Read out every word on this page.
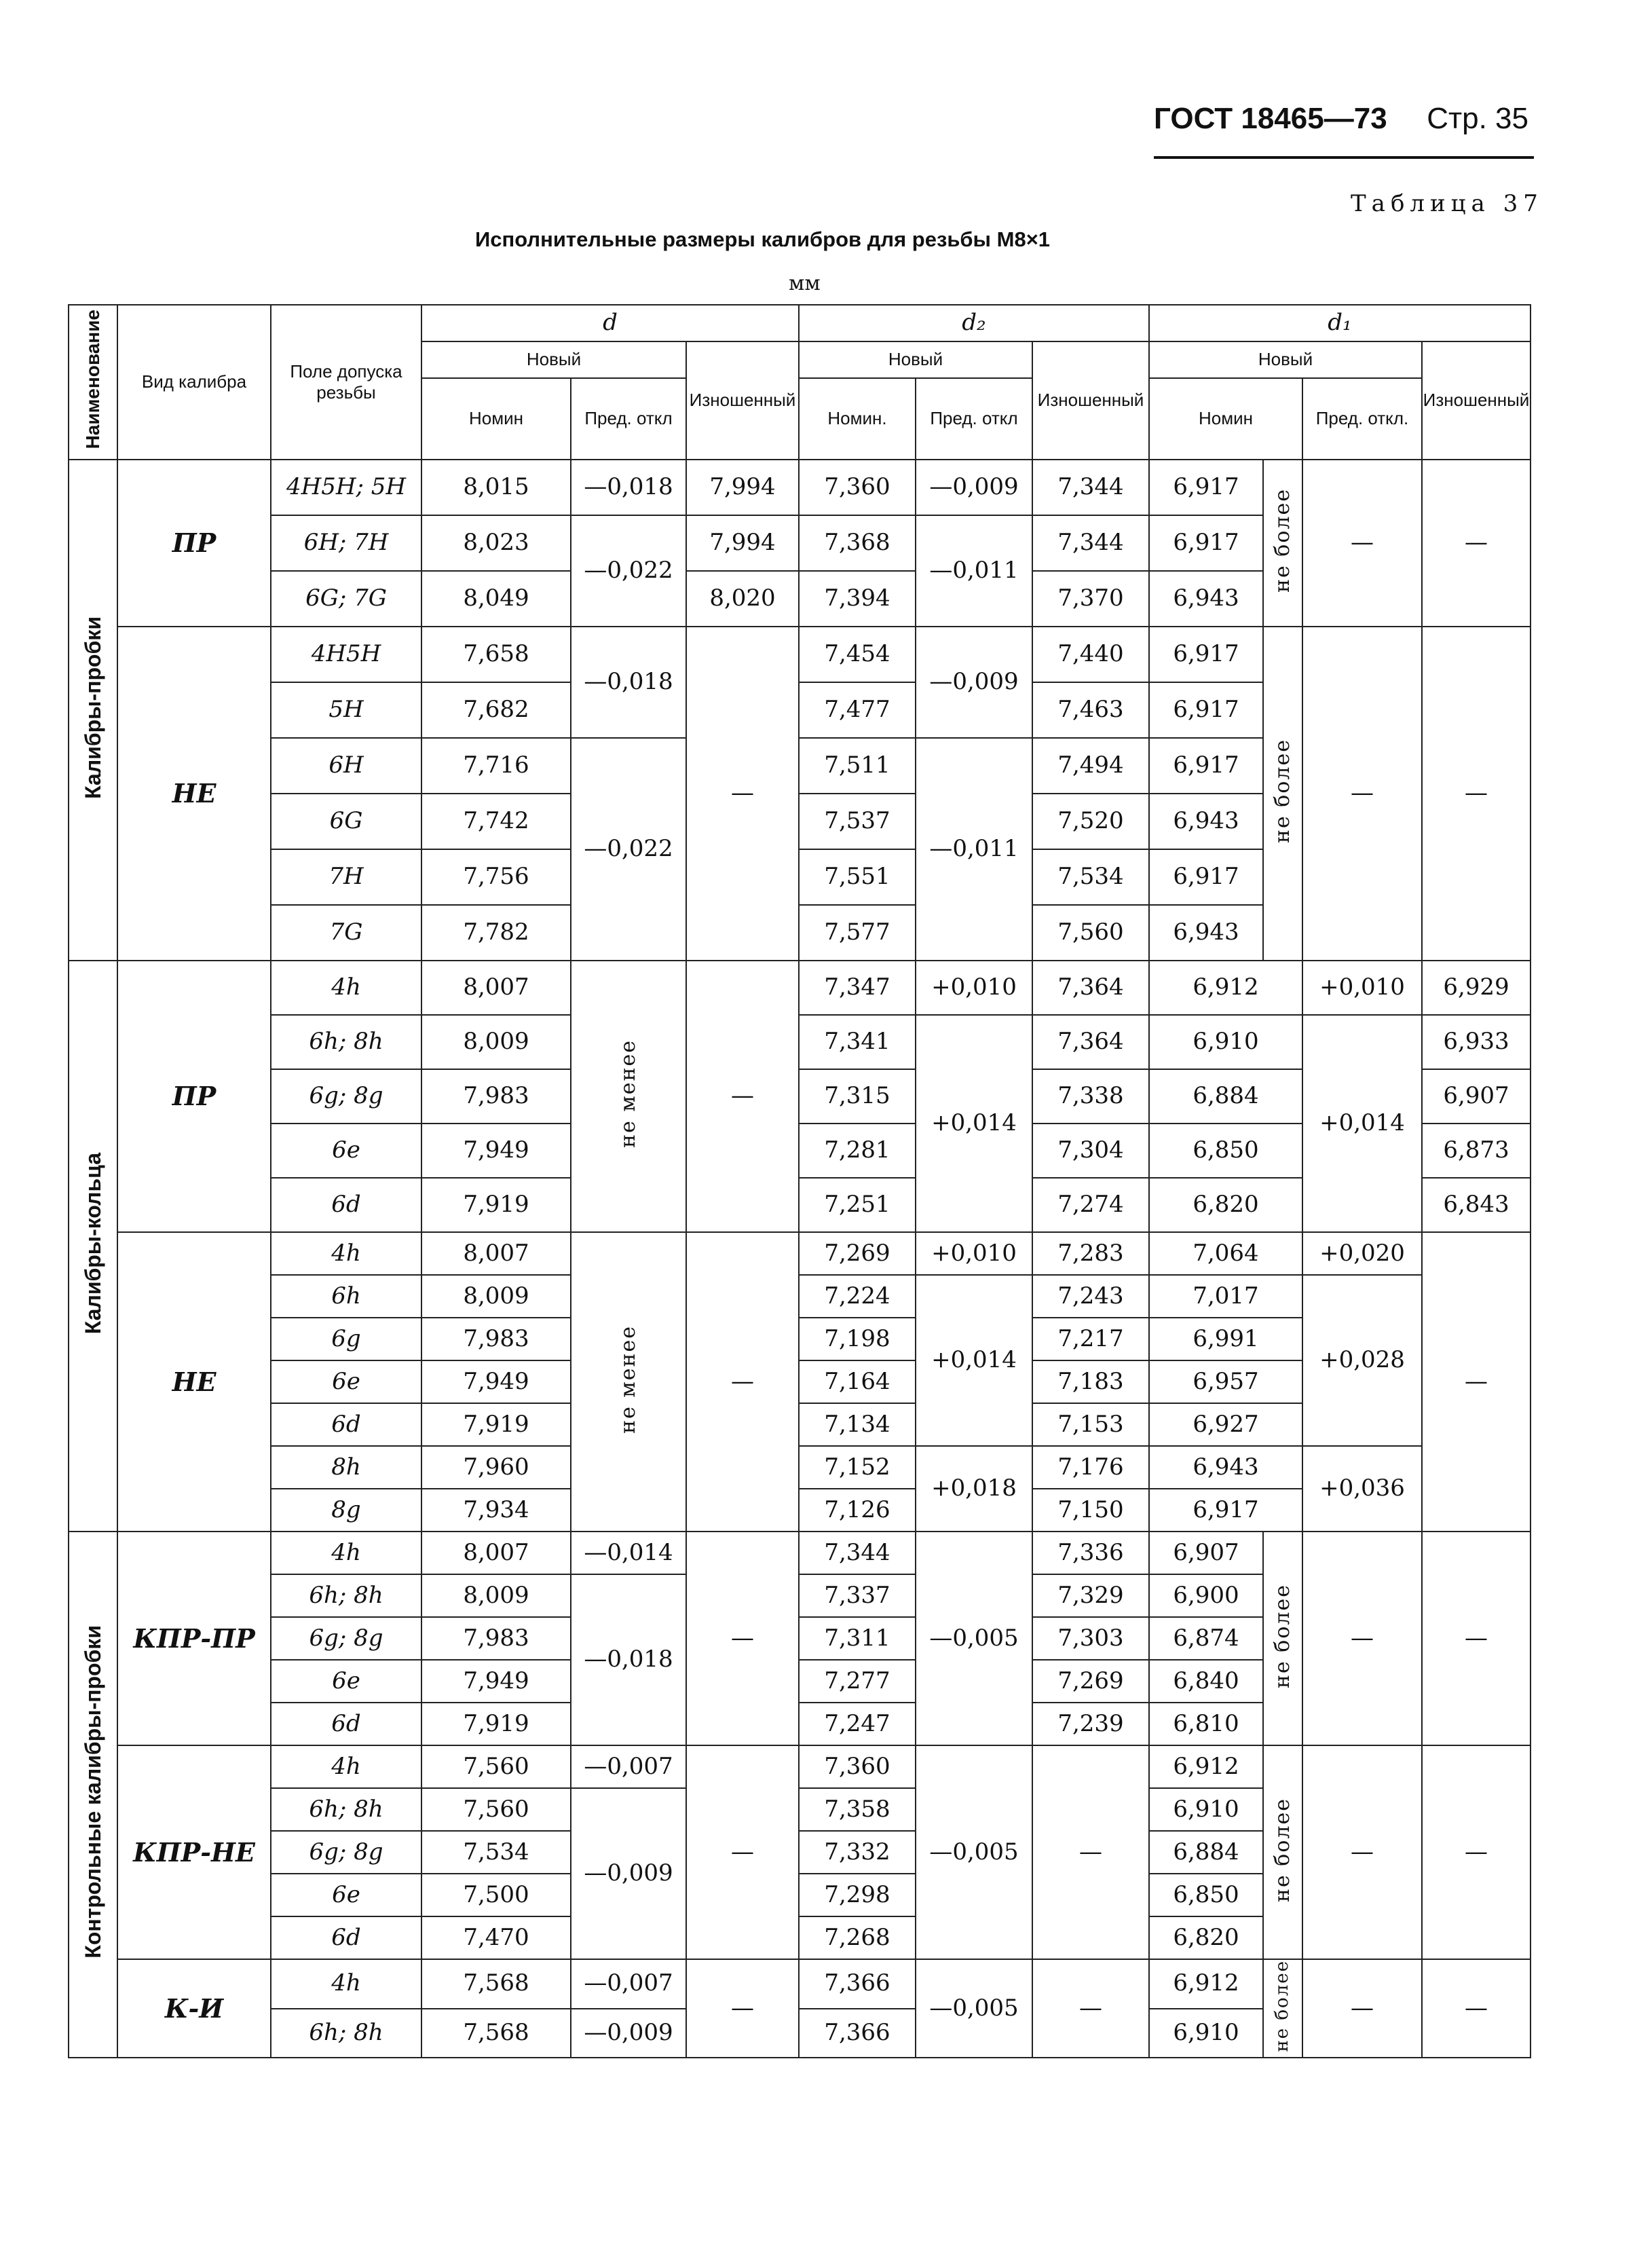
ГОСТ 18465—73 Стр. 35
Таблица 37
Исполнительные размеры калибров для резьбы M8×1
мм
Наименование	Вид калибра	Поле допуска резьбы	d			d₂			d₁			
			Новый		Изношенный	Новый		Изношенный	Новый			Изношенный
			Номин	Пред. откл		Номин.	Пред. откл		Номин		Пред. откл.	

Калибры-пробки	ПР	4H5H; 5H	8,015	—0,018	7,994	7,360	—0,009	7,344	6,917	не более	—	—
		6H; 7H	8,023	—0,022	7,994	7,368	—0,011	7,344	6,917			
		6G; 7G	8,049		8,020	7,394		7,370	6,943			
	НЕ	4H5H	7,658	—0,018	—	7,454	—0,009	7,440	6,917	не более	—	—
		5H	7,682			7,477		7,463	6,917			
		6H	7,716	—0,022		7,511	—0,011	7,494	6,917			
		6G	7,742			7,537		7,520	6,943			
		7H	7,756			7,551		7,534	6,917			
		7G	7,782			7,577		7,560	6,943			
Калибры-кольца	ПР	4h	8,007	не менее	—	7,347	+0,010	7,364	6,912		+0,010	6,929
		6h; 8h	8,009			7,341	+0,014	7,364	6,910		+0,014	6,933
		6g; 8g	7,983			7,315		7,338	6,884			6,907
		6e	7,949			7,281		7,304	6,850			6,873
		6d	7,919			7,251		7,274	6,820			6,843
	НЕ	4h	8,007	не менее	—	7,269	+0,010	7,283	7,064		+0,020	—
		6h	8,009			7,224	+0,014	7,243	7,017		+0,028	
		6g	7,983			7,198		7,217	6,991			
		6e	7,949			7,164		7,183	6,957			
		6d	7,919			7,134		7,153	6,927			
		8h	7,960			7,152	+0,018	7,176	6,943		+0,036	
		8g	7,934			7,126		7,150	6,917			
Контрольные калибры-пробки	КПР-ПР	4h	8,007	—0,014	—	7,344	—0,005	7,336	6,907	не более	—	—
		6h; 8h	8,009	—0,018		7,337		7,329	6,900			
		6g; 8g	7,983			7,311		7,303	6,874			
		6e	7,949			7,277		7,269	6,840			
		6d	7,919			7,247		7,239	6,810			
	КПР-НЕ	4h	7,560	—0,007	—	7,360	—0,005	—	6,912	не более	—	—
		6h; 8h	7,560	—0,009		7,358			6,910			
		6g; 8g	7,534			7,332			6,884			
		6e	7,500			7,298			6,850			
		6d	7,470			7,268			6,820			
	К-И	4h	7,568	—0,007	—	7,366	—0,005	—	6,912	не более	—	—
		6h; 8h	7,568	—0,009		7,366			6,910			
